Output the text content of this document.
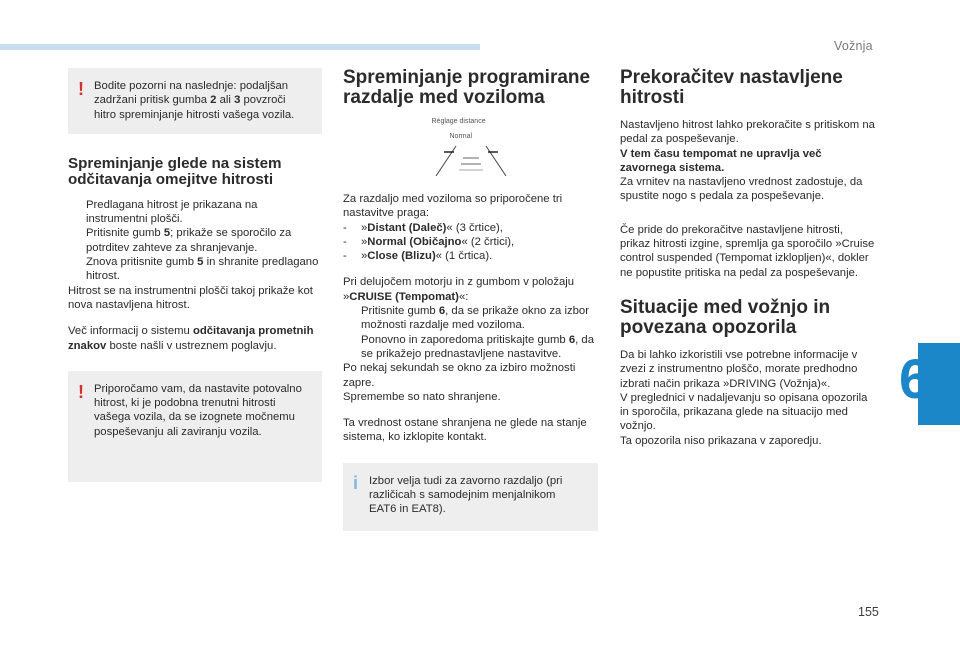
Vožnja
6
155
! Bodite pozorni na naslednje: podaljšan zadržani pritisk gumba 2 ali 3 povzroči hitro spreminjanje hitrosti vašega vozila.

Spreminjanje glede na sistem odčitavanja omejitve hitrosti
Predlagana hitrost je prikazana na instrumentni plošči.
Pritisnite gumb 5; prikaže se sporočilo za potrditev zahteve za shranjevanje.
Znova pritisnite gumb 5 in shranite predlagano hitrost.

Hitrost se na instrumentni plošči takoj prikaže kot nova nastavljena hitrost.

Več informacij o sistemu odčitavanja prometnih znakov boste našli v ustreznem poglavju.

! Priporočamo vam, da nastavite potovalno hitrost, ki je podobna trenutni hitrosti vašega vozila, da se izognete močnemu pospeševanju ali zaviranju vozila.

Spreminjanje programirane razdalje med voziloma
Réglage distance
Normal

Za razdaljo med voziloma so priporočene tri nastavitve praga:

- »Distant (Daleč)« (3 črtice),
- »Normal (Običajno« (2 črtici),
- »Close (Blizu)« (1 črtica).

Pri delujočem motorju in z gumbom v položaju »CRUISE (Tempomat)«:

Pritisnite gumb 6, da se prikaže okno za izbor možnosti razdalje med voziloma.
Ponovno in zaporedoma pritiskajte gumb 6, da se prikažejo prednastavljene nastavitve.

Po nekaj sekundah se okno za izbiro možnosti zapre.

Spremembe so nato shranjene.

Ta vrednost ostane shranjena ne glede na stanje sistema, ko izklopite kontakt.

i Izbor velja tudi za zavorno razdaljo (pri različicah s samodejnim menjalnikom EAT6 in EAT8).

Prekoračitev nastavljene hitrosti

Nastavljeno hitrost lahko prekoračite s pritiskom na pedal za pospeševanje.

V tem času tempomat ne upravlja več zavornega sistema.

Za vrnitev na nastavljeno vrednost zadostuje, da spustite nogo s pedala za pospeševanje.

Če pride do prekoračitve nastavljene hitrosti, prikaz hitrosti izgine, spremlja ga sporočilo »Cruise control suspended (Tempomat izklopljen)«, dokler ne popustite pritiska na pedal za pospeševanje.

Situacije med vožnjo in povezana opozorila

Da bi lahko izkoristili vse potrebne informacije v zvezi z instrumentno ploščo, morate predhodno izbrati način prikaza »DRIVING (Vožnja)«.

V preglednici v nadaljevanju so opisana opozorila in sporočila, prikazana glede na situacijo med vožnjo.

Ta opozorila niso prikazana v zaporedju.
